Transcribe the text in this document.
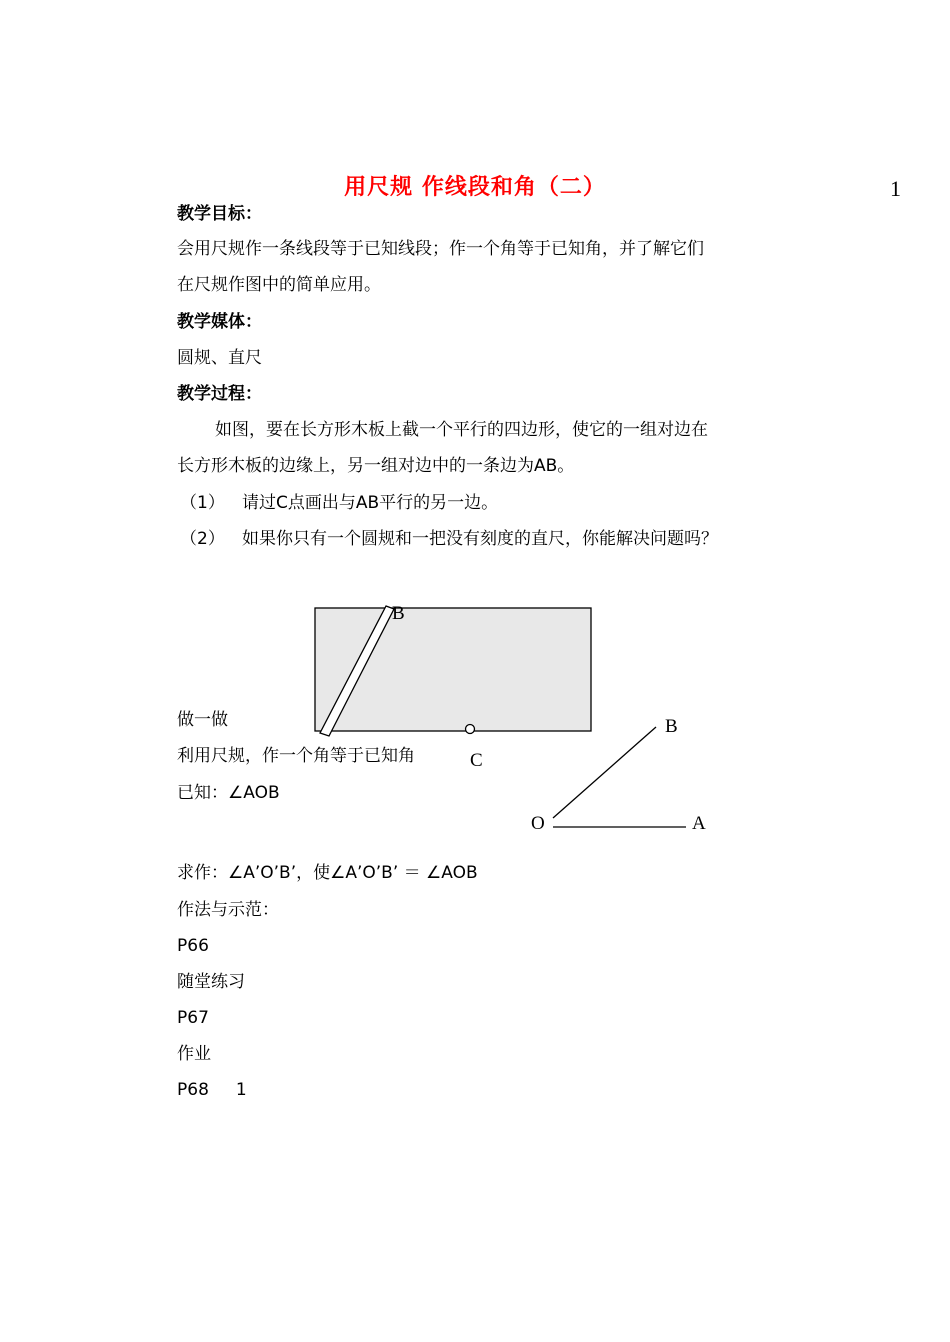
用尺规 作线段和角（二）	1
教学目标：
会用尺规作一条线段等于已知线段；作一个角等于已知角，并了解它们
在尺规作图中的简单应用。
教学媒体：
圆规、直尺
教学过程：
如图，要在长方形木板上截一个平行的四边形，使它的一组对边在
长方形木板的边缘上，另一组对边中的一条边为AB。
（1） 请过C点画出与AB平行的另一边。
（2） 如果你只有一个圆规和一把没有刻度的直尺，你能解决问题吗？
B
C
B
O	A
做一做
利用尺规，作一个角等于已知角
已知：∠AOB
求作：∠A’O’B’，使∠A’O’B’ ＝ ∠AOB
作法与示范：
P66
随堂练习
P67
作业
P68     1
